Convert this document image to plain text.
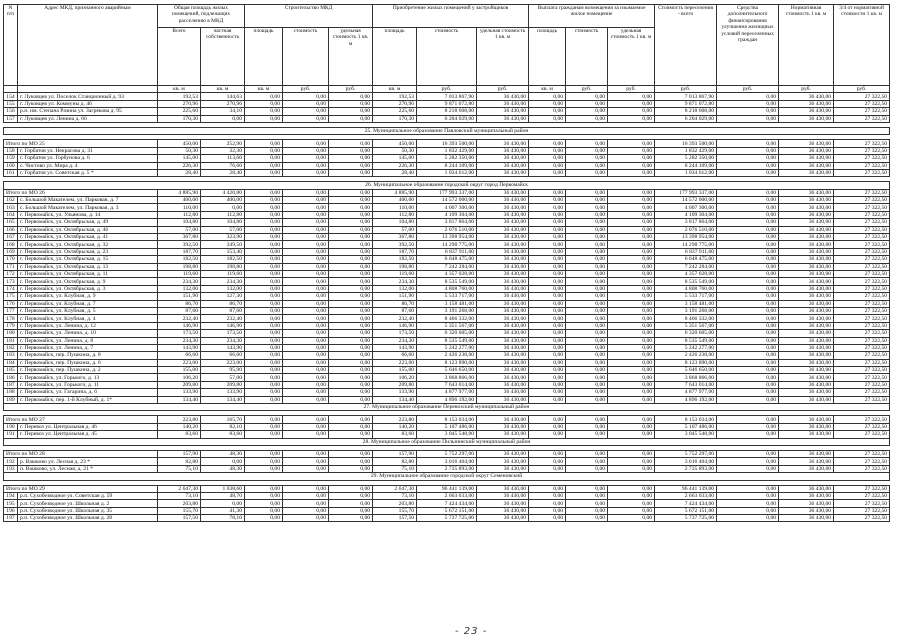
N п/п	Адрес МКД, признанного аварийным	Общая площадь жилых помещений, подлежащих расселению в МКД		Строительство МКД			Приобретение жилых помещений у застройщиков			Выплата гражданам возмещения за изымаемое жилое помещение			Стоимость переселения - всего	Средства дополнительного финансирования улучшения жилищных условий переселенных граждан	Нормативная стоимость 1 кв. м	3/4 от нормативной стоимости 1 кв. м
		Всего	частная собственность	площадь	стоимость	удельная стоимость 1 кв. м	площадь	стоимость	удельная стоимость 1 кв. м	площадь	стоимость	удельная стоимость 1 кв. м				
		кв. м	кв. м	кв. м	руб.	руб.	кв. м	руб.	руб.	кв. м	руб.	руб.	руб.	руб.	руб.	руб.
154	г. Луковцев ул. Поселок Станционный д. 93	192,53	144,63	0,00	0,00	0,00	192,53	7 013 867,90	36 430,00	0,00	0,00	0,00	7 013 867,90	0,00	36 430,00	27 322,50
155	г. Луковцев ул. Коммуны д. 46	270,96	270,96	0,00	0,00	0,00	270,96	9 871 072,80	36 430,00	0,00	0,00	0,00	9 871 072,80	0,00	36 430,00	27 322,50
156	р.п. им. Степана Разина ул. Загрекова д. 95	225,60	34,10	0,00	0,00	0,00	225,60	8 218 608,00	36 430,00	0,00	0,00	0,00	8 218 608,00	0,00	36 430,00	27 322,50
157	г. Луковцев ул. Ленина д. 66	170,30	0,00	0,00	0,00	0,00	170,30	6 204 029,00	36 430,00	0,00	0,00	0,00	6 204 029,00	0,00	36 430,00	27 322,50

25. Муниципальное образование Павловский муниципальный район																

Итого по МО 25		450,00	252,90	0,00	0,00	0,00	450,00	16 393 500,00	36 430,00	0,00	0,00	0,00	16 393 500,00	0,00	36 430,00	27 322,50
158	г. Горбатов ул. Некрасова д. 31	50,30	32,30	0,00	0,00	0,00	50,30	1 832 429,00	36 430,00	0,00	0,00	0,00	1 832 429,00	0,00	36 430,00	27 322,50
159	г. Горбатов ул. Горбунова д. 6	145,00	113,60	0,00	0,00	0,00	145,00	5 282 350,00	36 430,00	0,00	0,00	0,00	5 282 350,00	0,00	36 430,00	27 322,50
160	с. Чистово ул. Мира д. 4	226,30	76,60	0,00	0,00	0,00	226,30	8 244 109,00	36 430,00	0,00	0,00	0,00	8 244 109,00	0,00	36 430,00	27 322,50
161	г. Горбатов ул. Советская д. 5 *	28,40	28,40	0,00	0,00	0,00	28,40	1 034 612,00	36 430,00	0,00	0,00	0,00	1 034 612,00	0,00	36 430,00	27 322,50

26. Муниципальное образование городской округ город Первомайск																
Итого по МО 26		4 885,90	4 420,80	0,00	0,00	0,00	4 885,90	177 993 337,00	36 430,00	0,00	0,00	0,00	177 993 337,00	0,00	36 430,00	27 322,50
162	с. Большой Макателем, ул. Парковая, д. 7	400,00	400,00	0,00	0,00	0,00	400,00	14 572 000,00	36 430,00	0,00	0,00	0,00	14 572 000,00	0,00	36 430,00	27 322,50
163	с. Большой Макателем, ул. Парковая, д. 3	110,00	0,00	0,00	0,00	0,00	110,00	4 007 300,00	36 430,00	0,00	0,00	0,00	4 007 300,00	0,00	36 430,00	27 322,50
164	г. Первомайск, ул. Ульянова, д. 14	112,80	112,80	0,00	0,00	0,00	112,80	4 109 304,00	36 430,00	0,00	0,00	0,00	4 109 304,00	0,00	36 430,00	27 322,50
165	г. Первомайск, ул. Октябрьская, д. 49	104,80	104,80	0,00	0,00	0,00	104,80	3 817 864,00	36 430,00	0,00	0,00	0,00	3 817 864,00	0,00	36 430,00	27 322,50
166	г. Первомайск, ул. Октябрьская, д. 46	57,00	57,00	0,00	0,00	0,00	57,00	2 076 510,00	36 430,00	0,00	0,00	0,00	2 076 510,00	0,00	36 430,00	27 322,50
167	г. Первомайск, ул. Октябрьская, д. 41	367,80	323,90	0,00	0,00	0,00	367,80	13 398 954,00	36 430,00	0,00	0,00	0,00	13 398 954,00	0,00	36 430,00	27 322,50
168	г. Первомайск, ул. Октябрьская, д. 32	392,50	349,50	0,00	0,00	0,00	392,50	14 298 775,00	36 430,00	0,00	0,00	0,00	14 298 775,00	0,00	36 430,00	27 322,50
169	г. Первомайск, ул. Октябрьская, д. 23	187,70	153,40	0,00	0,00	0,00	187,70	6 837 911,00	36 430,00	0,00	0,00	0,00	6 837 911,00	0,00	36 430,00	27 322,50
170	г. Первомайск, ул. Октябрьская, д. 15	182,50	182,50	0,00	0,00	0,00	182,50	6 648 475,00	36 430,00	0,00	0,00	0,00	6 648 475,00	0,00	36 430,00	27 322,50
171	г. Первомайск, ул. Октябрьская, д. 13	198,80	198,80	0,00	0,00	0,00	198,80	7 242 284,00	36 430,00	0,00	0,00	0,00	7 242 284,00	0,00	36 430,00	27 322,50
172	г. Первомайск, ул. Октябрьская, д. 11	119,60	119,60	0,00	0,00	0,00	119,60	4 357 028,00	36 430,00	0,00	0,00	0,00	4 357 028,00	0,00	36 430,00	27 322,50
173	г. Первомайск, ул. Октябрьская, д. 9	234,30	234,30	0,00	0,00	0,00	234,30	8 535 549,00	36 430,00	0,00	0,00	0,00	8 535 549,00	0,00	36 430,00	27 322,50
174	г. Первомайск, ул. Октябрьская, д. 3	132,00	132,00	0,00	0,00	0,00	132,00	4 808 760,00	36 430,00	0,00	0,00	0,00	4 808 760,00	0,00	36 430,00	27 322,50
175	г. Первомайск, ул. Клубная, д. 9	151,90	127,30	0,00	0,00	0,00	151,90	5 533 717,00	36 430,00	0,00	0,00	0,00	5 533 717,00	0,00	36 430,00	27 322,50
176	г. Первомайск, ул. Клубная, д. 7	86,70	86,70	0,00	0,00	0,00	86,70	3 158 481,00	36 430,00	0,00	0,00	0,00	3 158 481,00	0,00	36 430,00	27 322,50
177	г. Первомайск, ул. Клубная, д. 5	87,60	87,60	0,00	0,00	0,00	87,60	3 191 268,00	36 430,00	0,00	0,00	0,00	3 191 268,00	0,00	36 430,00	27 322,50
178	г. Первомайск, ул. Клубная, д. 4	232,40	232,40	0,00	0,00	0,00	232,40	8 466 332,00	36 430,00	0,00	0,00	0,00	8 466 332,00	0,00	36 430,00	27 322,50
179	г. Первомайск, ул. Ленина, д. 12	146,90	146,90	0,00	0,00	0,00	146,90	5 351 567,00	36 430,00	0,00	0,00	0,00	5 351 567,00	0,00	36 430,00	27 322,50
180	г. Первомайск, ул. Ленина, д. 10	173,50	173,50	0,00	0,00	0,00	173,50	6 320 605,00	36 430,00	0,00	0,00	0,00	6 320 605,00	0,00	36 430,00	27 322,50
181	г. Первомайск, ул. Ленина, д. 8	234,30	234,30	0,00	0,00	0,00	234,30	8 535 549,00	36 430,00	0,00	0,00	0,00	8 535 549,00	0,00	36 430,00	27 322,50
182	г. Первомайск, ул. Ленина, д. 7	143,90	143,90	0,00	0,00	0,00	143,90	5 242 277,00	36 430,00	0,00	0,00	0,00	5 242 277,00	0,00	36 430,00	27 322,50
183	г. Первомайск, пер. Пушкина, д. 8	66,60	66,60	0,00	0,00	0,00	66,60	2 426 238,00	36 430,00	0,00	0,00	0,00	2 426 238,00	0,00	36 430,00	27 322,50
184	г. Первомайск, пер. Пушкина, д. 6	223,00	223,00	0,00	0,00	0,00	223,00	8 123 890,00	36 430,00	0,00	0,00	0,00	8 123 890,00	0,00	36 430,00	27 322,50
185	г. Первомайск, пер. Пушкина, д. 2	155,00	95,90	0,00	0,00	0,00	155,00	5 646 650,00	36 430,00	0,00	0,00	0,00	5 646 650,00	0,00	36 430,00	27 322,50
186	г. Первомайск, ул. Горького, д. 13	106,20	57,00	0,00	0,00	0,00	106,20	3 868 866,00	36 430,00	0,00	0,00	0,00	3 868 866,00	0,00	36 430,00	27 322,50
187	г. Первомайск, ул. Горького, д. 11	209,80	209,80	0,00	0,00	0,00	209,80	7 643 014,00	36 430,00	0,00	0,00	0,00	7 643 014,00	0,00	36 430,00	27 322,50
188	г. Первомайск, ул. Гагарина, д. 6	133,90	133,90	0,00	0,00	0,00	133,90	4 877 977,00	36 430,00	0,00	0,00	0,00	4 877 977,00	0,00	36 430,00	27 322,50
189	г. Первомайск, пер. 1-й Клубный, д. 1*	134,40	134,40	0,00	0,00	0,00	134,40	4 896 192,00	36 430,00	0,00	0,00	0,00	4 896 192,00	0,00	36 430,00	27 322,50
27. Муниципальное образование Перевозский муниципальный район																

Итого по МО 27		223,80	165,70	0,00	0,00	0,00	223,80	8 153 034,00	36 430,00	0,00	0,00	0,00	8 153 034,00	0,00	36 430,00	27 322,50
190	г. Перевоз ул. Центральная д. 46	140,20	82,10	0,00	0,00	0,00	140,20	5 107 486,00	36 430,00	0,00	0,00	0,00	5 107 486,00	0,00	36 430,00	27 322,50
191	г. Перевоз ул. Центральная д. 45	83,60	83,60	0,00	0,00	0,00	83,60	3 045 548,00	36 430,00	0,00	0,00	0,00	3 045 548,00	0,00	36 430,00	27 322,50
28. Муниципальное образование Пильнинский муниципальный район																

Итого по МО 28		157,90	48,30	0,00	0,00	0,00	157,90	5 752 297,00	36 430,00	0,00	0,00	0,00	5 752 297,00	0,00	36 430,00	27 322,50
192	р. Вашково ул. Лесная д. 23 *	82,80	0,00	0,00	0,00	0,00	82,80	3 016 404,00	36 430,00	0,00	0,00	0,00	3 016 404,00	0,00	36 430,00	27 322,50
193	п. Вашково, ул. Лесная, д. 21 *	75,10	48,30	0,00	0,00	0,00	75,10	2 735 893,00	36 430,00	0,00	0,00	0,00	2 735 893,00	0,00	36 430,00	27 322,50
29. Муниципальное образование городской округ Семеновский																

Итого по МО 29		2 647,30	1 038,60	0,00	0,00	0,00	2 647,30	96 441 139,00	36 430,00	0,00	0,00	0,00	96 441 139,00	0,00	36 430,00	27 322,50
194	р.п. Сухобезводное ул. Советская д. 59	73,10	48,70	0,00	0,00	0,00	73,10	2 663 033,00	36 430,00	0,00	0,00	0,00	2 663 033,00	0,00	36 430,00	27 322,50
195	р.п. Сухобезводное ул. Школьная д. 2	203,80	0,00	0,00	0,00	0,00	203,80	7 424 434,00	36 430,00	0,00	0,00	0,00	7 424 434,00	0,00	36 430,00	27 322,50
196	р.п. Сухобезводное ул. Школьная д. 35	155,70	41,30	0,00	0,00	0,00	155,70	5 672 151,00	36 430,00	0,00	0,00	0,00	5 672 151,00	0,00	36 430,00	27 322,50
197	р.п. Сухобезводное ул. Школьная д. 28	157,50	78,10	0,00	0,00	0,00	157,50	5 737 725,00	36 430,00	0,00	0,00	0,00	5 737 725,00	0,00	36 430,00	27 322,50
- 23 -
